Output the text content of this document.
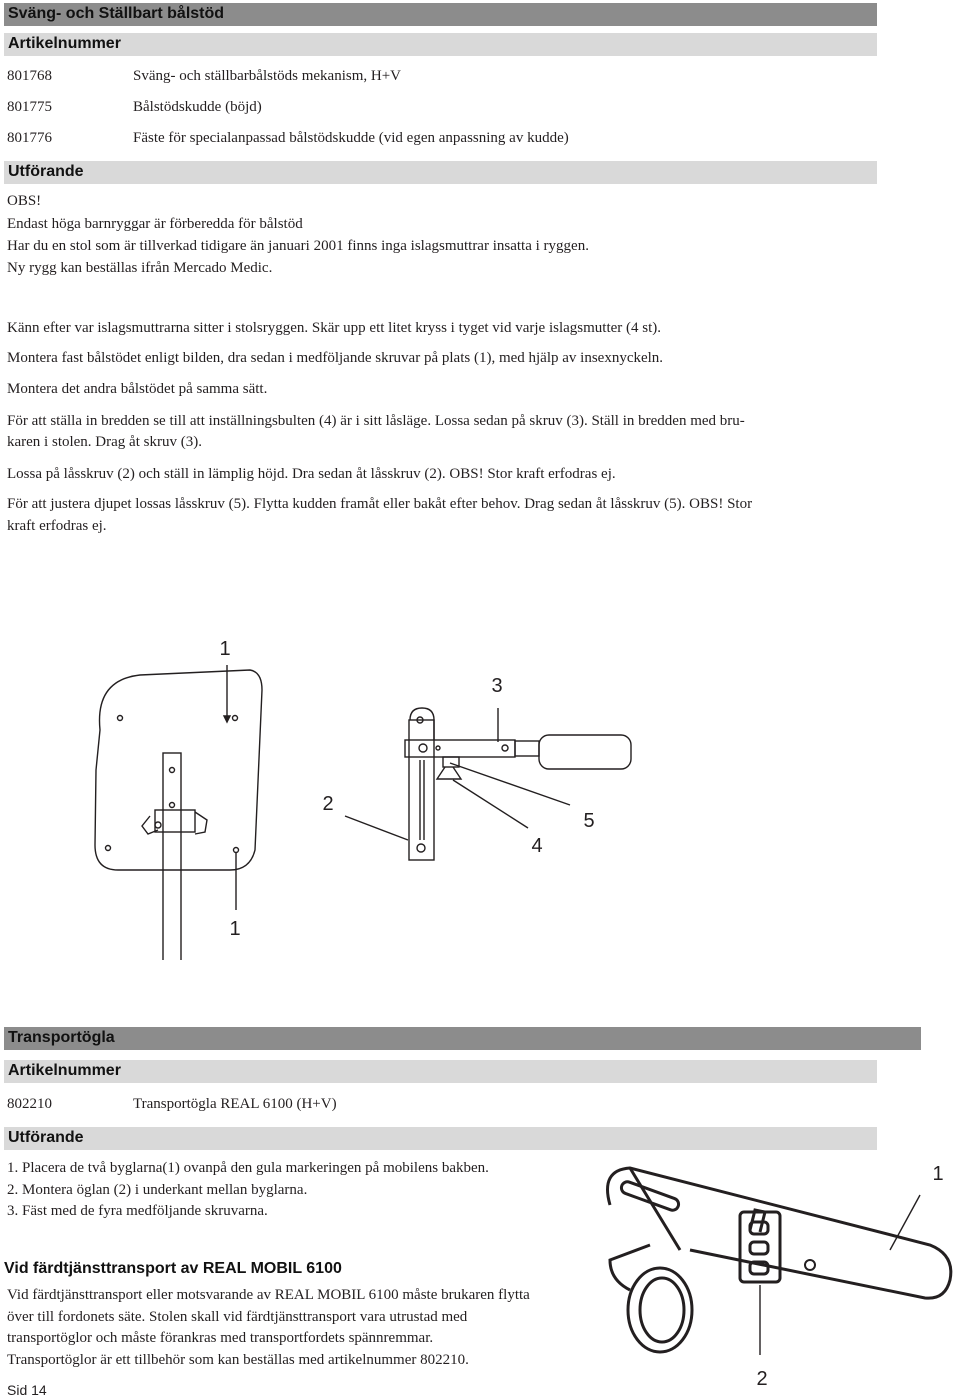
Sväng- och Ställbart bålstöd
Artikelnummer
801768	Sväng- och ställbarbålstöds mekanism, H+V
801775	Bålstödskudde (böjd)
801776	Fäste för specialanpassad bålstödskudde (vid egen anpassning av kudde)
Utförande
OBS!
Endast höga barnryggar är förberedda för bålstöd
Har du en stol som är tillverkad tidigare än januari 2001 finns inga islagsmuttrar insatta i ryggen.
Ny rygg kan beställas ifrån Mercado Medic.
Känn efter var islagsmuttrarna sitter i stolsryggen. Skär upp ett litet kryss i tyget vid varje islagsmutter (4 st).
Montera fast bålstödet enligt bilden, dra sedan i medföljande skruvar på plats (1), med hjälp av insexnyckeln.
Montera det andra bålstödet på samma sätt.
För att ställa in bredden se till att inställningsbulten (4) är i sitt låsläge. Lossa sedan på skruv (3). Ställ in bredden med bru-
karen i stolen. Drag åt skruv (3).
Lossa på låsskruv (2) och ställ in lämplig höjd. Dra sedan åt låsskruv (2). OBS! Stor kraft erfodras ej.
För att justera djupet lossas låsskruv (5). Flytta kudden framåt eller bakåt efter behov. Drag sedan åt låsskruv (5). OBS! Stor
kraft erfodras ej.
1
3
2
4
5
1
Transportögla
Artikelnummer
802210	Transportögla REAL 6100 (H+V)
Utförande
1. Placera de två byglarna(1) ovanpå den gula markeringen på mobilens bakben.
2. Montera öglan (2) i underkant mellan byglarna.
3. Fäst med de fyra medföljande skruvarna.
1
2
Vid färdtjänsttransport av REAL MOBIL 6100
Vid färdtjänsttransport eller motsvarande av REAL MOBIL 6100 måste brukaren flytta
över till fordonets säte. Stolen skall vid färdtjänsttransport vara utrustad med
transportöglor och måste förankras med transportfordets spännremmar.
Transportöglor är ett tillbehör som kan beställas med artikelnummer 802210.
Sid 14
